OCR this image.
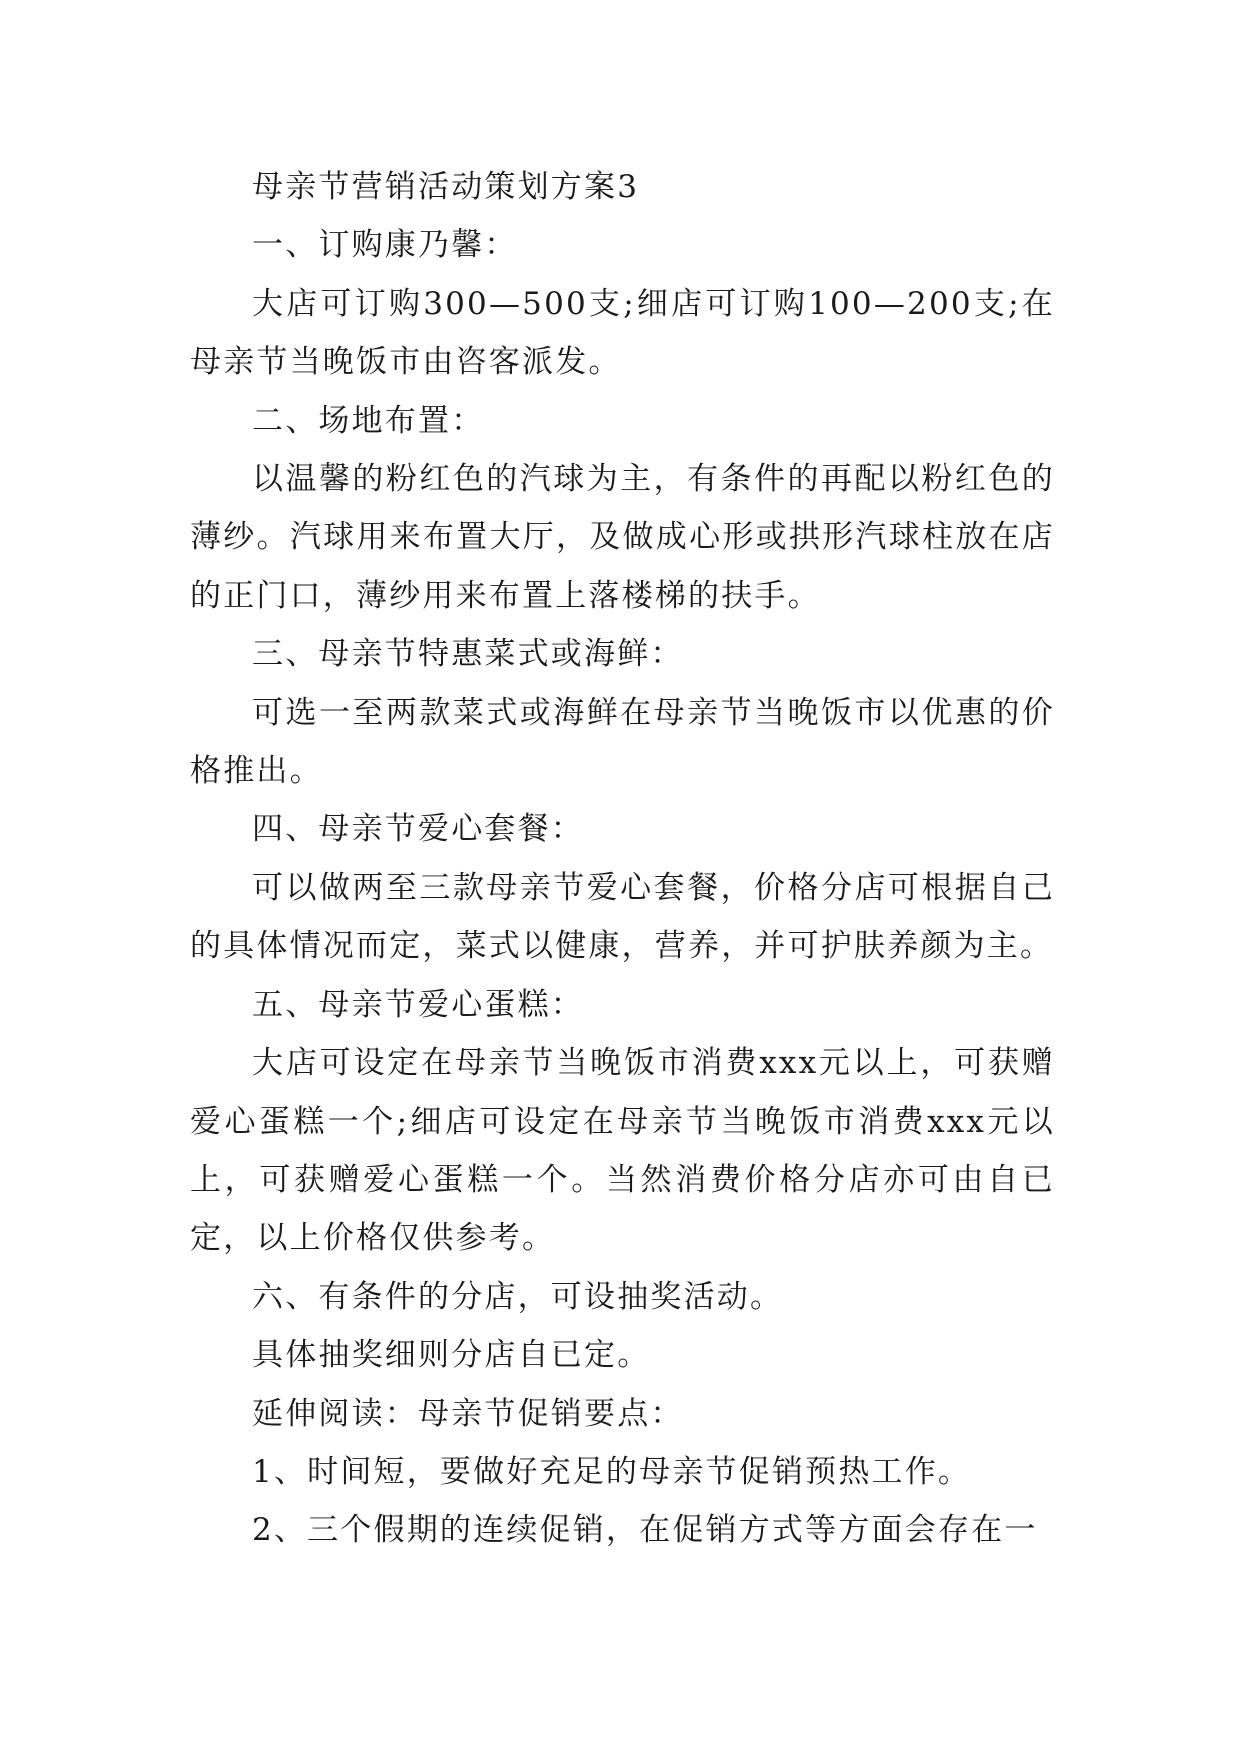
母亲节营销活动策划方案3

一、订购康乃馨：

大店可订购300—500支;细店可订购100—200支;在母亲节当晚饭市由咨客派发。

二、场地布置：

以温馨的粉红色的汽球为主，有条件的再配以粉红色的薄纱。汽球用来布置大厅，及做成心形或拱形汽球柱放在店的正门口，薄纱用来布置上落楼梯的扶手。

三、母亲节特惠菜式或海鲜：

可选一至两款菜式或海鲜在母亲节当晚饭市以优惠的价格推出。

四、母亲节爱心套餐：

可以做两至三款母亲节爱心套餐，价格分店可根据自己的具体情况而定，菜式以健康，营养，并可护肤养颜为主。

五、母亲节爱心蛋糕：

大店可设定在母亲节当晚饭市消费xxx元以上，可获赠爱心蛋糕一个;细店可设定在母亲节当晚饭市消费xxx元以上，可获赠爱心蛋糕一个。当然消费价格分店亦可由自已定，以上价格仅供参考。

六、有条件的分店，可设抽奖活动。

具体抽奖细则分店自已定。

延伸阅读：母亲节促销要点：

1、时间短，要做好充足的母亲节促销预热工作。

2、三个假期的连续促销，在促销方式等方面会存在一
